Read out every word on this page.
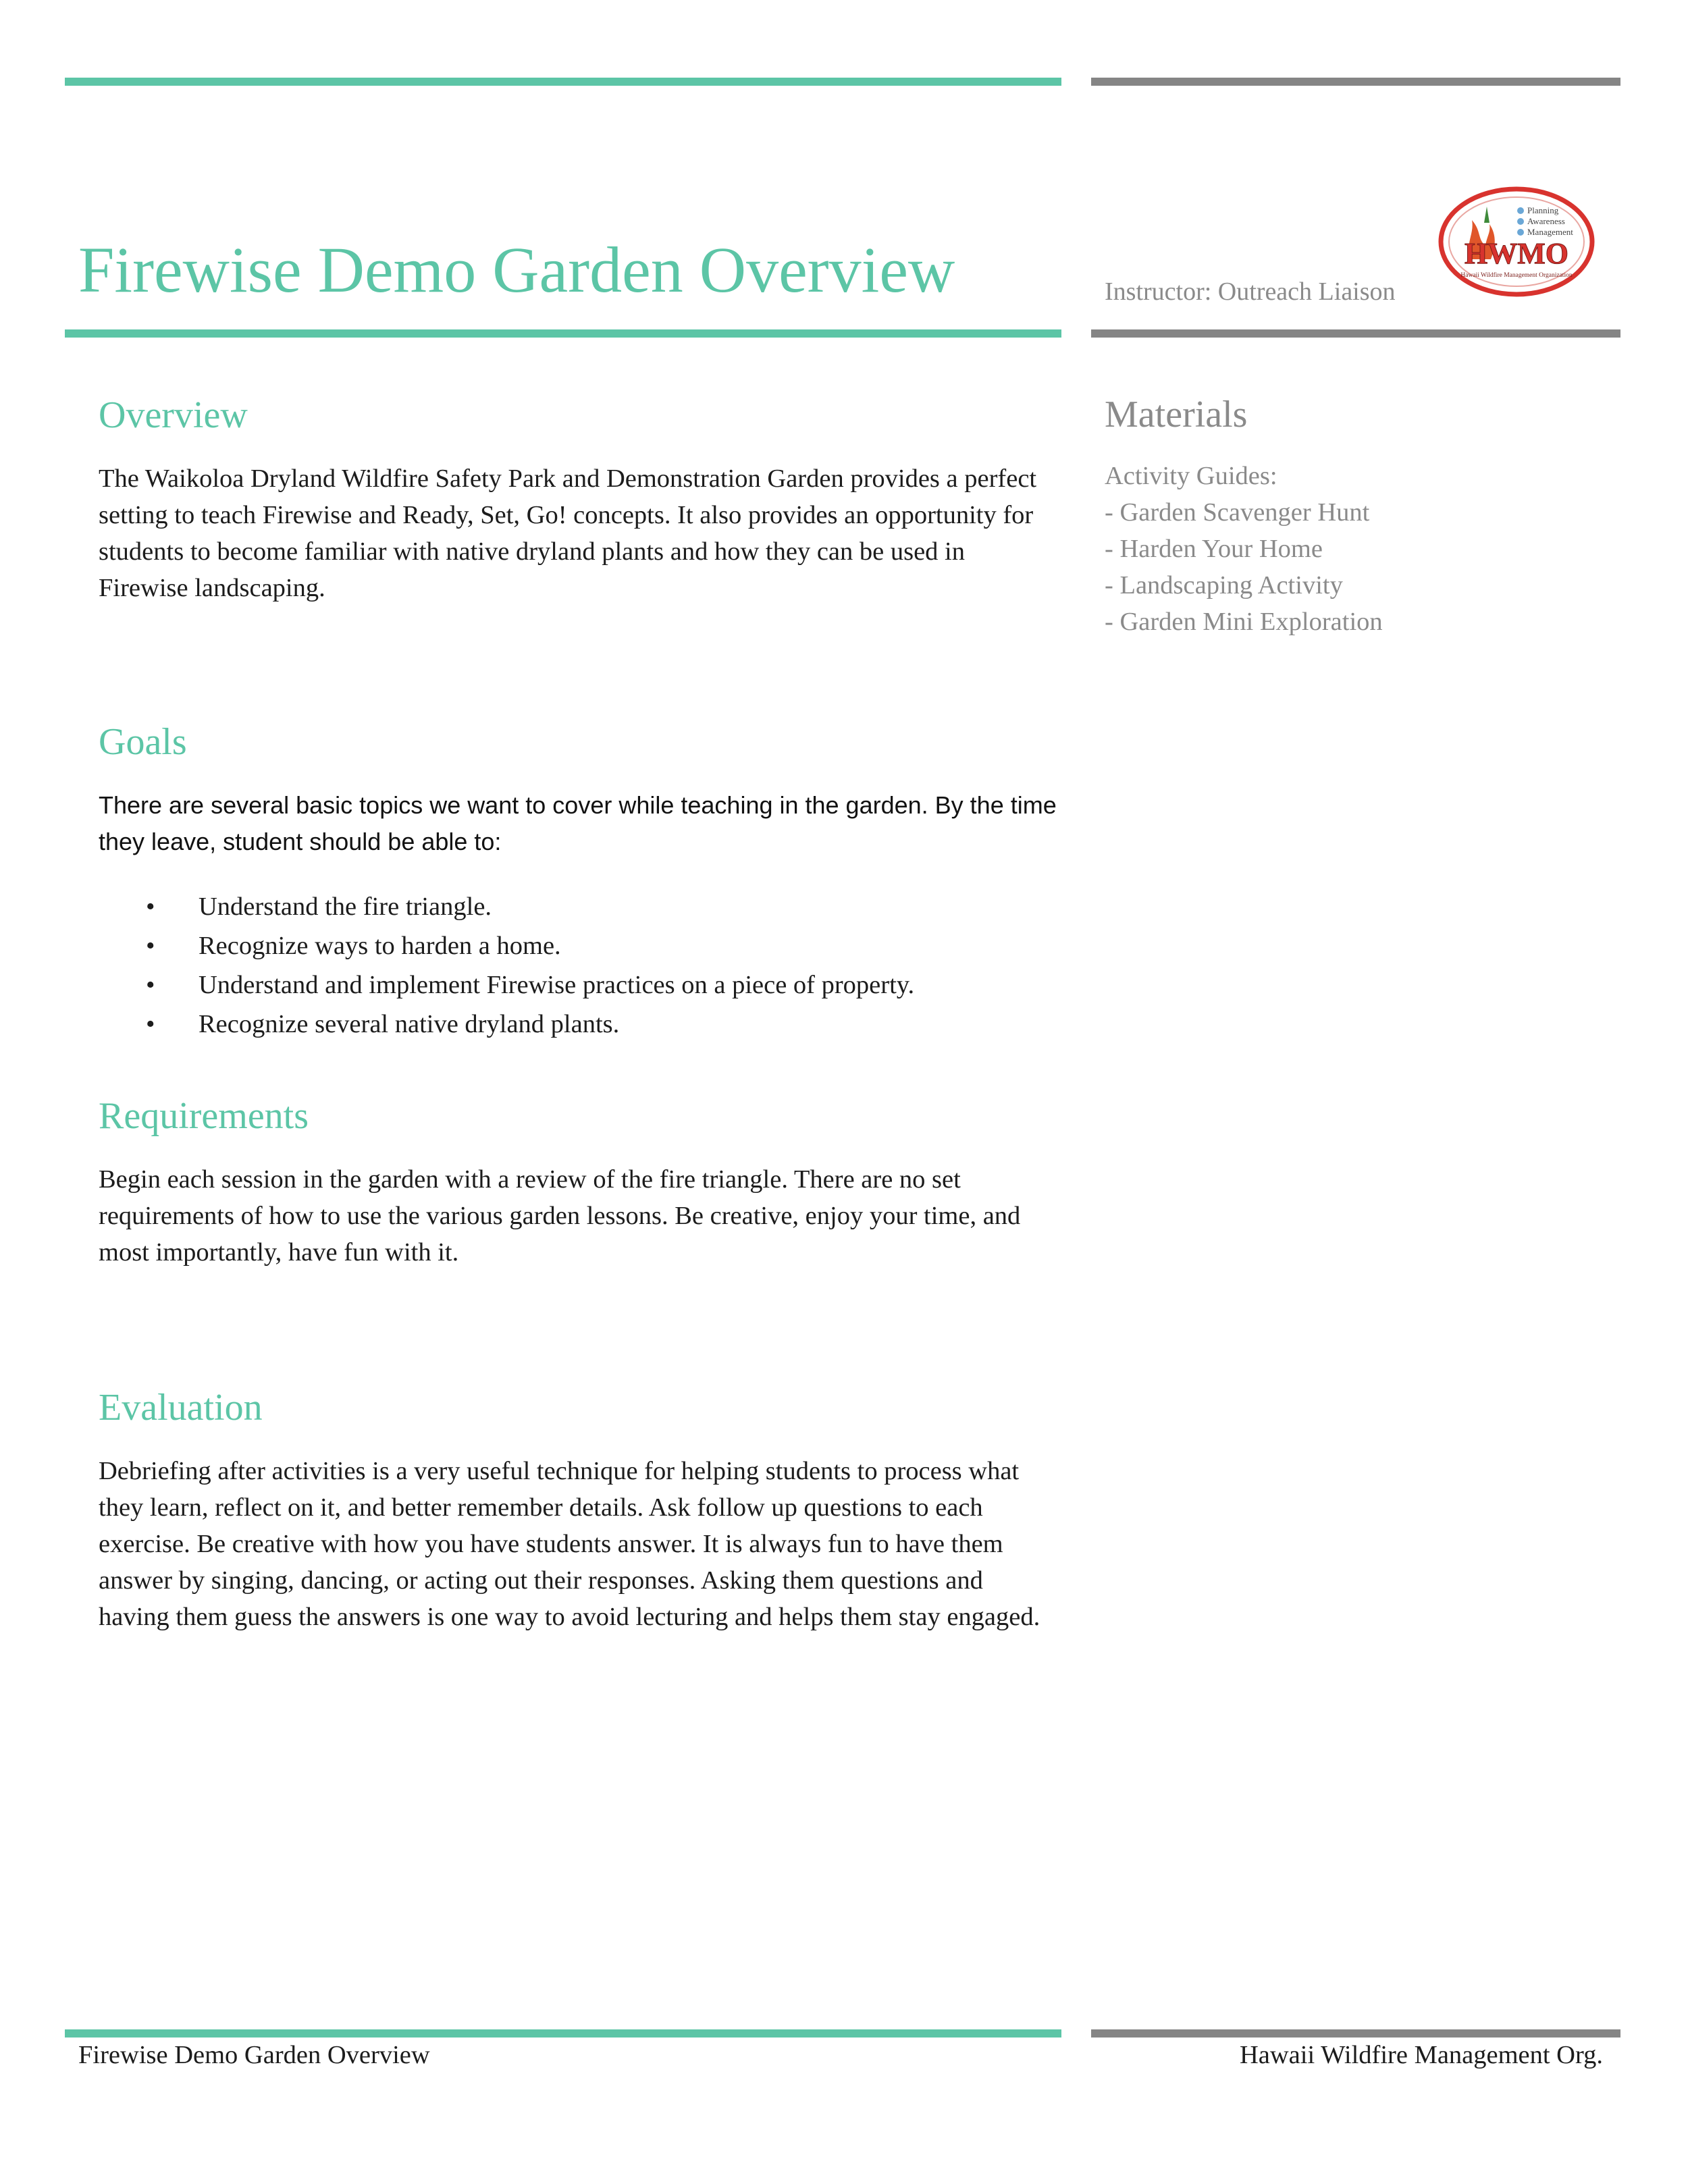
Firewise Demo Garden Overview	Instructor: Outreach Liaison
Planning
Awareness
Management
HWMO
Hawaii Wildfire Management Organization
Overview

The Waikoloa Dryland Wildfire Safety Park and Demonstration Garden provides a perfect setting to teach Firewise and Ready, Set, Go! concepts. It also provides an opportunity for students to become familiar with native dryland plants and how they can be used in Firewise landscaping.

Goals

There are several basic topics we want to cover while teaching in the garden. By the time they leave, student should be able to:

• Understand the fire triangle.
• Recognize ways to harden a home.
• Understand and implement Firewise practices on a piece of property.
• Recognize several native dryland plants.
Requirements

Begin each session in the garden with a review of the fire triangle. There are no set requirements of how to use the various garden lessons. Be creative, enjoy your time, and most importantly, have fun with it.

Evaluation

Debriefing after activities is a very useful technique for helping students to process what they learn, reflect on it, and better remember details. Ask follow up questions to each exercise. Be creative with how you have students answer. It is always fun to have them answer by singing, dancing, or acting out their responses. Asking them questions and having them guess the answers is one way to avoid lecturing and helps them stay engaged.

Materials
Activity Guides:
- Garden Scavenger Hunt
- Harden Your Home
- Landscaping Activity
- Garden Mini Exploration
Firewise Demo Garden Overview	Hawaii Wildfire Management Org.
